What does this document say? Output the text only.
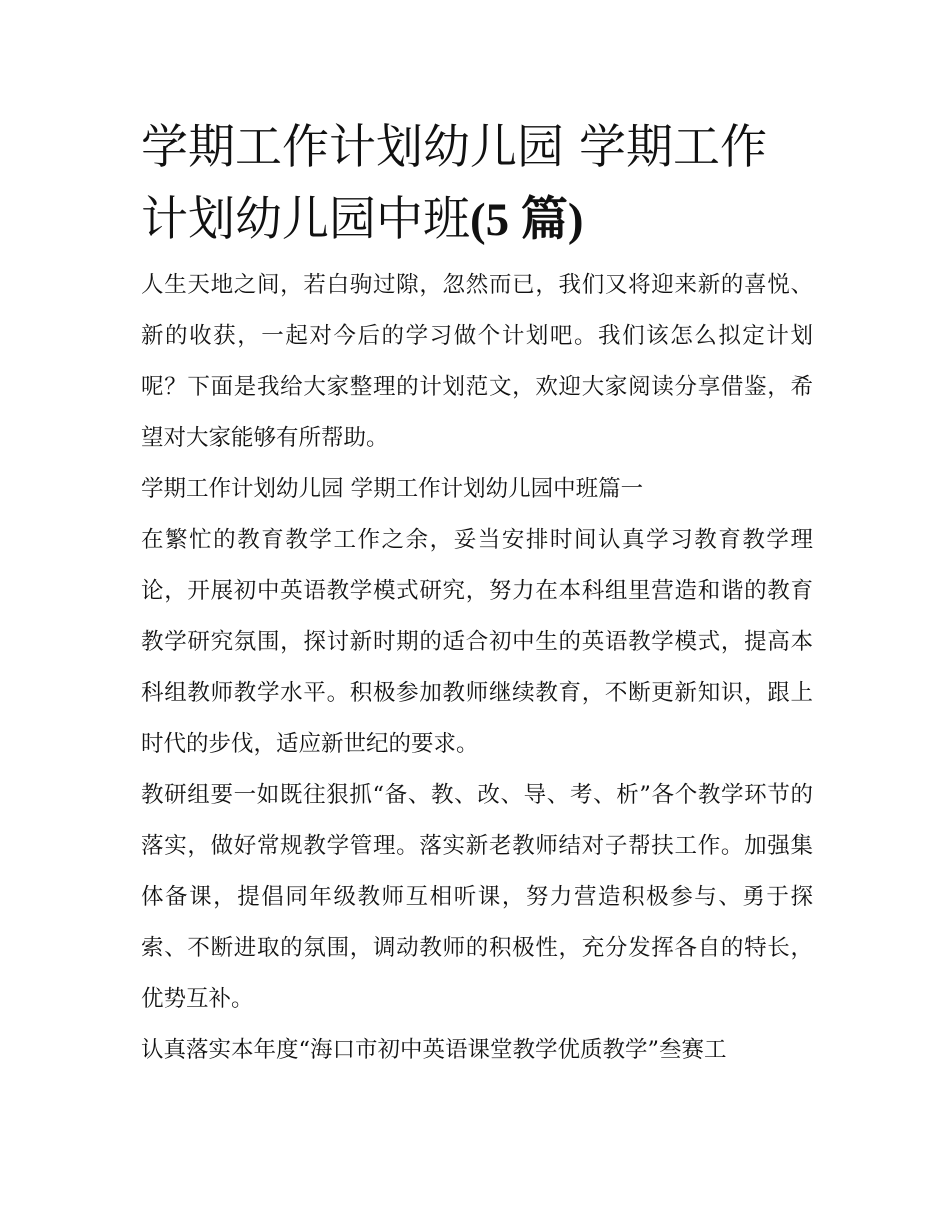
学期工作计划幼儿园 学期工作计划幼儿园中班(5 篇)

人生天地之间，若白驹过隙，忽然而已，我们又将迎来新的喜悦、新的收获，一起对今后的学习做个计划吧。我们该怎么拟定计划呢？下面是我给大家整理的计划范文，欢迎大家阅读分享借鉴，希望对大家能够有所帮助。

学期工作计划幼儿园 学期工作计划幼儿园中班篇一

在繁忙的教育教学工作之余，妥当安排时间认真学习教育教学理论，开展初中英语教学模式研究，努力在本科组里营造和谐的教育教学研究氛围，探讨新时期的适合初中生的英语教学模式，提高本科组教师教学水平。积极参加教师继续教育，不断更新知识，跟上时代的步伐，适应新世纪的要求。

教研组要一如既往狠抓“备、教、改、导、考、析”各个教学环节的落实，做好常规教学管理。落实新老教师结对子帮扶工作。加强集体备课，提倡同年级教师互相听课，努力营造积极参与、勇于探索、不断进取的氛围，调动教师的积极性，充分发挥各自的特长，优势互补。

认真落实本年度“海口市初中英语课堂教学优质教学”叁赛工
